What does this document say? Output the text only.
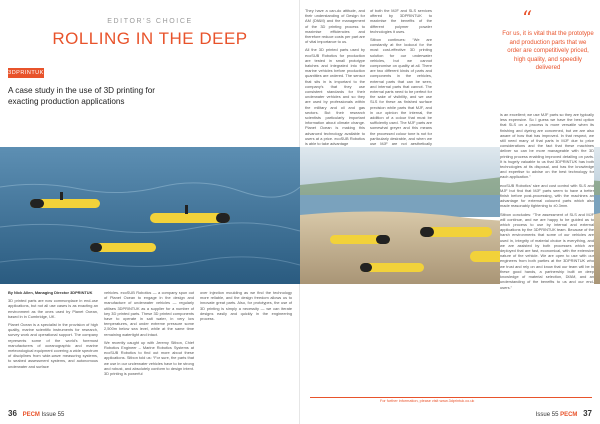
EDITOR'S CHOICE
ROLLING IN THE DEEP
3DPRINTUK
A case study in the use of 3D printing for exacting production applications

They have a can-do attitude, and their understanding of Design for AM (DfAM) and the management of the 3D printing process to maximise efficiencies and therefore reduce costs per part are of vital importance to us.

All the 3D printed parts used by ecoSUB Robotics for production are tested in small prototype batches and integrated into the marine vehicles before production quantities are ordered. The sensor that sits in is important to the company's that they use consistent standards for their underwater vehicles and so they are used by professionals within the military and oil and gas sectors. But their research scientists particularly important information about climate change. Planet Ocean is making this advanced technology available to users at a price. ecoSUB Robotics is able to take advantage

of both the MJF and SLS services offered by 3DPRINTUK to maximise the benefits of the different polymer powder technologies it uses.

Sitbon continues: “We are constantly at the lookout for the most cost-effective 3D printing solution for our underwater vehicles, but we cannot compromise on quality at all. There are two different kinds of parts and components in the vehicles, external parts that can be seen, and internal parts that cannot. The external parts need to be perfect for the sake of visibility, and we use SLS for these as finished surface precision while parts that MJF, and in our opinion the internal, the addition of a colour that must be sufficiently used. The MJF parts are somewhat greyer and this means the processed colour tone is not for particularly desirable, and when we use MJF are not aesthetically

“
For us, it is vital that the prototype and production parts that we order are competitively priced, high quality, and speedily delivered

By Nick Allen, Managing Director 3DPRINTUK

3D printed parts are now commonplace in end-use applications, but not all use cases is as exacting an environment as the ones used by Planet Ocean, based in in Cumbridge, UK.

Planet Ocean is a specialist in the provision of high quality, marine scientific instruments for research, survey work and operational support. The company represents some of the world's foremost manufacturers of oceanographic and marine meteorological equipment covering a wide spectrum of disciplines from wide-wave measuring systems, to seabed assessment systems, and autonomous underwater and surface

vehicles. ecoSUB Robotics — a company spun out of Planet Ocean to engage in the design and manufacture of underwater vehicles — regularly utilises 3DPRINTUK as a supplier for a number of key 3D printed parts. These 3D printed components have to operate in salt water, in very low temperatures, and under extreme pressure some 2,500m below sea level, while at the same time remaining watertight and intact.

We recently caught up with Jeremy Sitbon, Chief Robotics Engineer – Marine Robotics Systems at ecoSUB Robotics to find out more about these applications. Sitbon told us: “For sure, the parts that we use in our underwater vehicles have to be strong and robust, and absolutely conform to design intent. 3D printing is powerful

over injection moulding as we find the technology more reliable, and the design freedom allows us to innovate great parts. Also, for prototypes, the use of 3D printing is simply a necessity — we can iterate designs easily and quickly in the engineering process.

is an excellent; we use MJF parts so they are typically less expensive. So I guess we have the best option that SLS on a process is more versatile when its finishing and dyeing are concerned, but we are also aware of how that has improved. In that respect, we still need many of that parts in MJF due to price considerations and the fact that these machines deliver so can be more manageable with the 3D printing process enabling improved detailing on parts. It is hugely valuable to us that 3DPRINTUK has both technologies at its disposal, and has the knowledge and expertise to advise on the best technology for each application.”

ecoSUB Robotics' size and cost control with SLS and MJF but find that MJF parts seem to have a better finish before post-processing, with the machines an advantage for external coloured parts which also made reasonably tightening to ±0.3mm.

Sitbon concludes: “The assessment of SLS and MJF will continue, and we are happy to be guided as to which process to use by internal and external applications by the 3DPRINTUK team. Because of the harsh environments that some of our vehicles are used in, integrity of material choice is everything, and we are assisted by both processes which are deployed that are fast, economical, with the extensive nature of the vehicle. We are open to use with our engineers from both parties at the 3DPRINTUK who we trust and rely on and know that our team will be in these good hands, a partnership built on deep knowledge of material selection, DfAM, and an understanding of the benefits to us and our end-users.”

For further information, please visit www.3dprintuk.co.uk
36 PECM Issue 55	Issue 55 PECM 37
